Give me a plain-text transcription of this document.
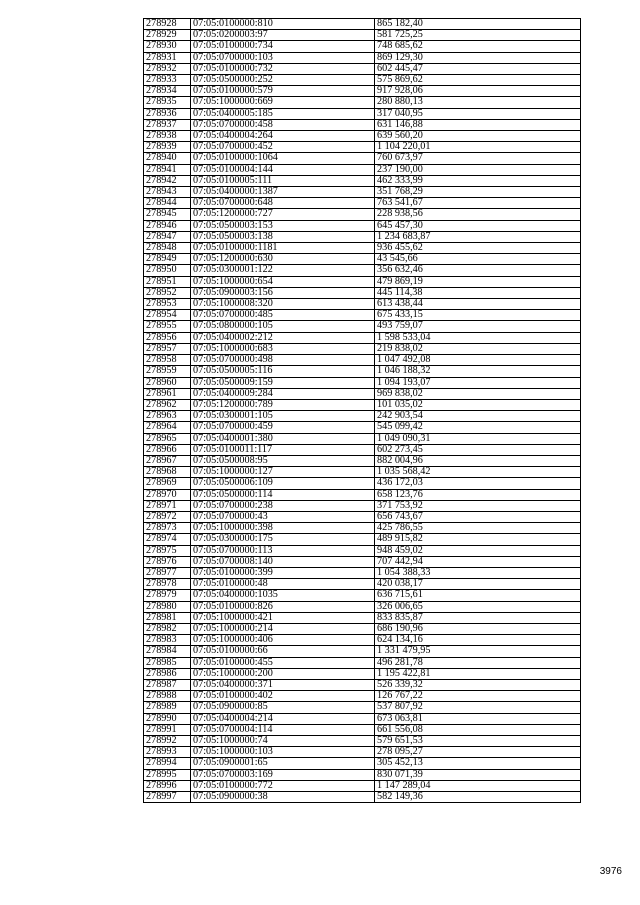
278928	07:05:0100000:810	865 182,40
278929	07:05:0200003:97	581 725,25
278930	07:05:0100000:734	748 685,62
278931	07:05:0700000:103	869 129,30
278932	07:05:0100000:732	602 445,47
278933	07:05:0500000:252	575 869,62
278934	07:05:0100000:579	917 928,06
278935	07:05:1000000:669	280 880,13
278936	07:05:0400005:185	317 040,95
278937	07:05:0700000:458	631 146,88
278938	07:05:0400004:264	639 560,20
278939	07:05:0700000:452	1 104 220,01
278940	07:05:0100000:1064	760 673,97
278941	07:05:0100004:144	237 190,00
278942	07:05:0100005:111	462 333,99
278943	07:05:0400000:1387	351 768,29
278944	07:05:0700000:648	763 541,67
278945	07:05:1200000:727	228 938,56
278946	07:05:0500003:153	645 457,30
278947	07:05:0500003:138	1 234 683,87
278948	07:05:0100000:1181	936 455,62
278949	07:05:1200000:630	43 545,66
278950	07:05:0300001:122	356 632,46
278951	07:05:1000000:654	479 869,19
278952	07:05:0900003:156	445 114,38
278953	07:05:1000008:320	613 438,44
278954	07:05:0700000:485	675 433,15
278955	07:05:0800000:105	493 759,07
278956	07:05:0400002:212	1 598 533,04
278957	07:05:1000000:683	219 838,02
278958	07:05:0700000:498	1 047 492,08
278959	07:05:0500005:116	1 046 188,32
278960	07:05:0500009:159	1 094 193,07
278961	07:05:0400009:284	969 838,02
278962	07:05:1200000:789	101 035,02
278963	07:05:0300001:105	242 903,54
278964	07:05:0700000:459	545 099,42
278965	07:05:0400001:380	1 049 090,31
278966	07:05:0100011:117	602 273,45
278967	07:05:0500008:95	882 004,96
278968	07:05:1000000:127	1 035 568,42
278969	07:05:0500006:109	436 172,03
278970	07:05:0500000:114	658 123,76
278971	07:05:0700000:238	371 753,92
278972	07:05:0700000:43	656 743,67
278973	07:05:1000000:398	425 786,55
278974	07:05:0300000:175	489 915,82
278975	07:05:0700000:113	948 459,02
278976	07:05:0700008:140	707 442,94
278977	07:05:0100000:399	1 054 388,33
278978	07:05:0100000:48	420 038,17
278979	07:05:0400000:1035	636 715,61
278980	07:05:0100000:826	326 006,65
278981	07:05:1000000:421	833 835,87
278982	07:05:1000000:214	686 190,96
278983	07:05:1000000:406	624 134,16
278984	07:05:0100000:66	1 331 479,95
278985	07:05:0100000:455	496 281,78
278986	07:05:1000000:200	1 195 422,81
278987	07:05:0400000:371	526 339,32
278988	07:05:0100000:402	126 767,22
278989	07:05:0900000:85	537 807,92
278990	07:05:0400004:214	673 063,81
278991	07:05:0700004:114	661 556,08
278992	07:05:1000000:74	579 651,53
278993	07:05:1000000:103	278 095,27
278994	07:05:0900001:65	305 452,13
278995	07:05:0700003:169	830 071,39
278996	07:05:0100000:772	1 147 289,04
278997	07:05:0900000:38	582 149,36
3976
